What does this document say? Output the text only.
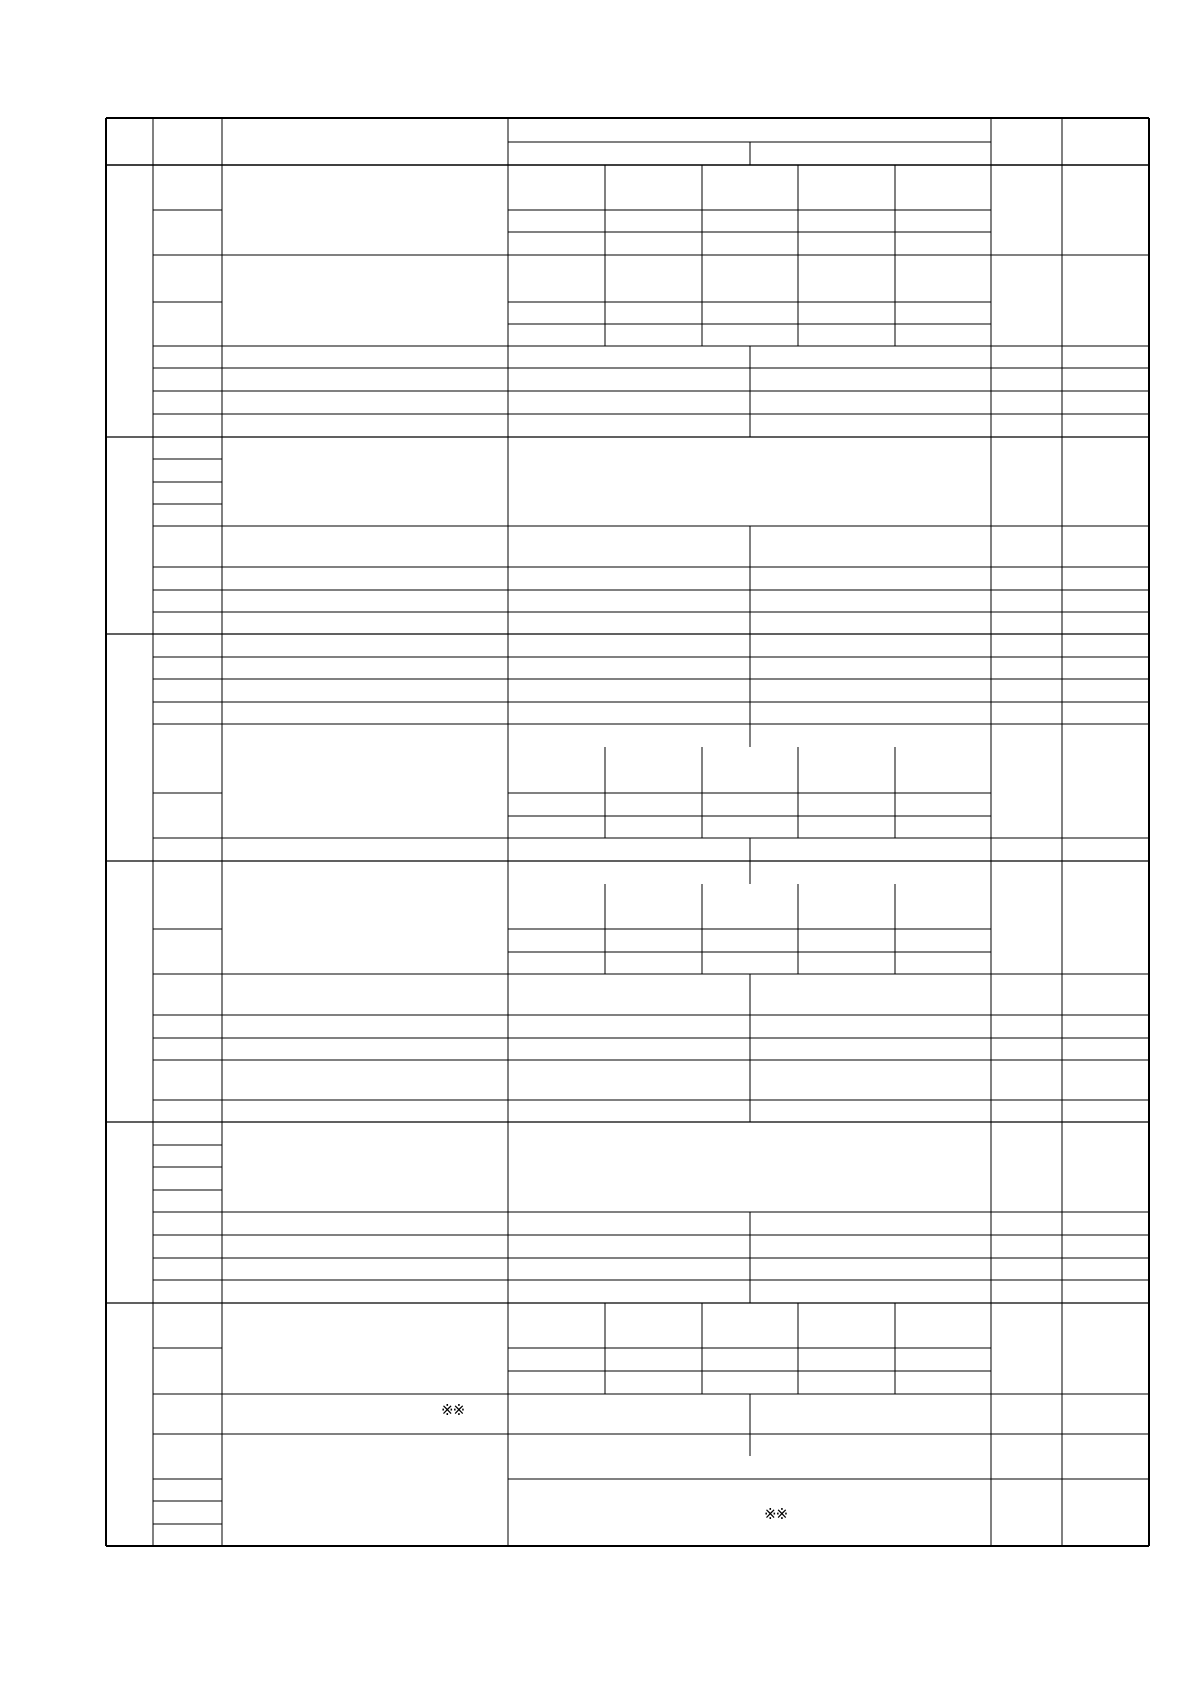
※※
※※
